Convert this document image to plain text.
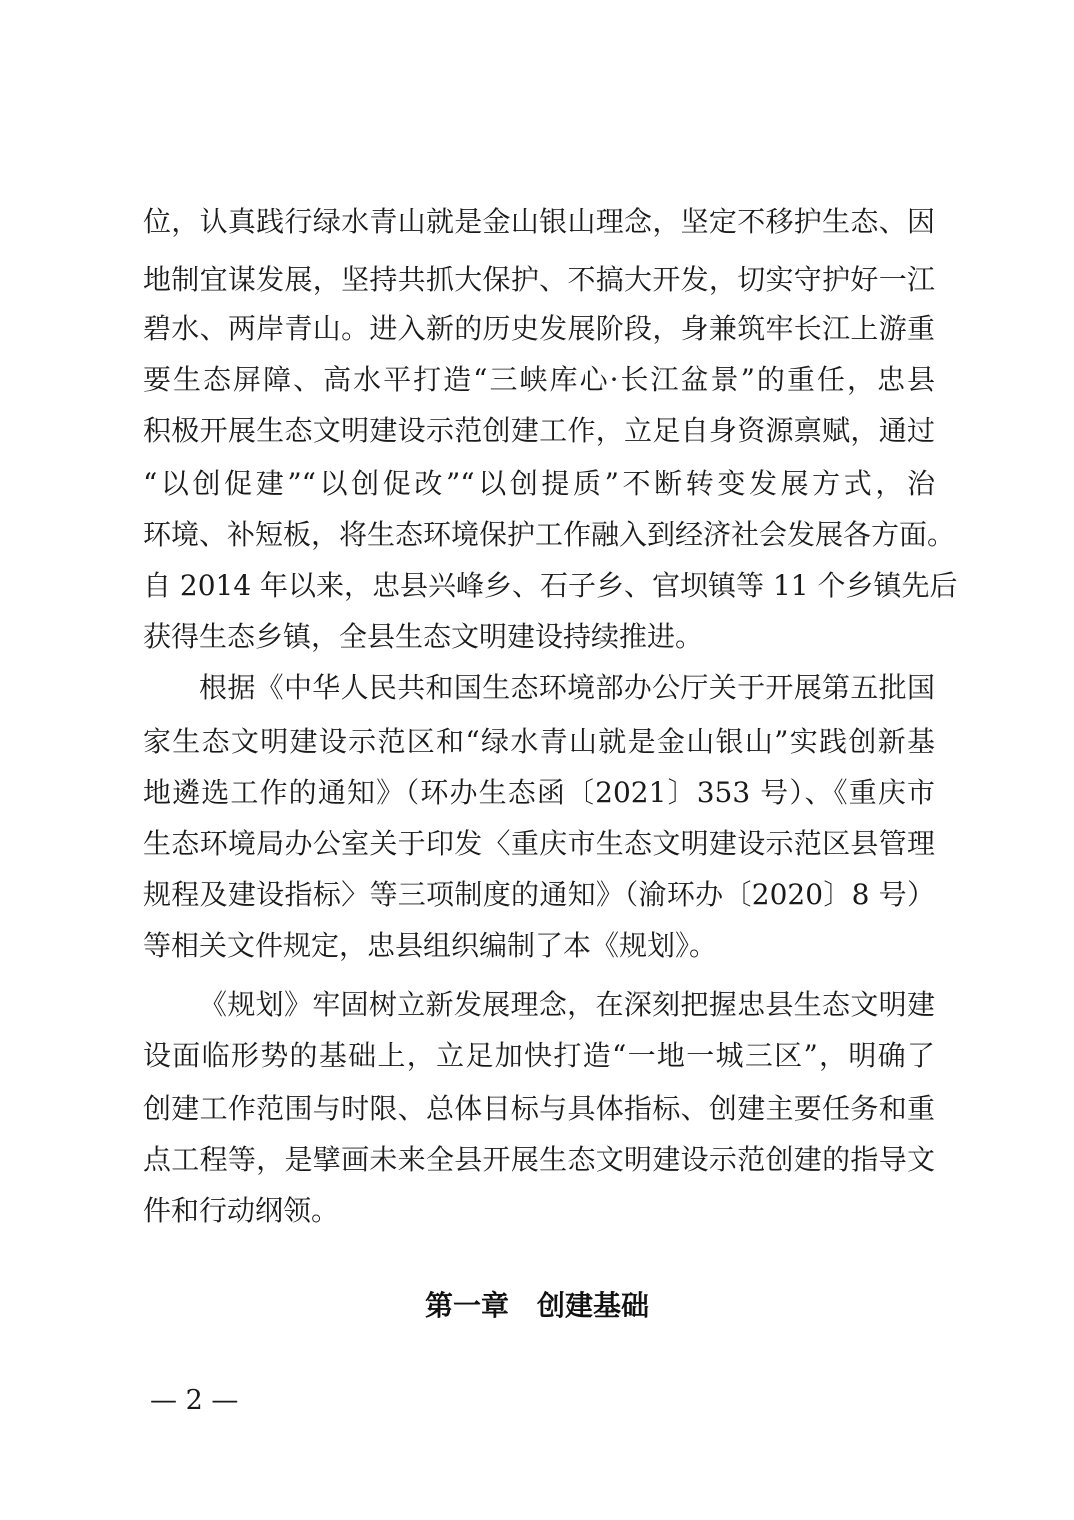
位，认真践行绿水青山就是金山银山理念，坚定不移护生态、因
地制宜谋发展，坚持共抓大保护、不搞大开发，切实守护好一江
碧水、两岸青山。进入新的历史发展阶段，身兼筑牢长江上游重
要生态屏障、高水平打造“三峡库心·长江盆景”的重任，忠县
积极开展生态文明建设示范创建工作，立足自身资源禀赋，通过
“以创促建”“以创促改”“以创提质”不断转变发展方式，治
环境、补短板，将生态环境保护工作融入到经济社会发展各方面。
自 2014 年以来，忠县兴峰乡、石子乡、官坝镇等 11 个乡镇先后
获得生态乡镇，全县生态文明建设持续推进。
根据《中华人民共和国生态环境部办公厅关于开展第五批国
家生态文明建设示范区和“绿水青山就是金山银山”实践创新基
地遴选工作的通知》（环办生态函〔2021〕353 号）、《重庆市
生态环境局办公室关于印发〈重庆市生态文明建设示范区县管理
规程及建设指标〉等三项制度的通知》（渝环办〔2020〕8 号）
等相关文件规定，忠县组织编制了本《规划》。
《规划》牢固树立新发展理念，在深刻把握忠县生态文明建
设面临形势的基础上，立足加快打造“一地一城三区”，明确了
创建工作范围与时限、总体目标与具体指标、创建主要任务和重
点工程等，是擘画未来全县开展生态文明建设示范创建的指导文
件和行动纲领。
第一章　创建基础
— 2 —
